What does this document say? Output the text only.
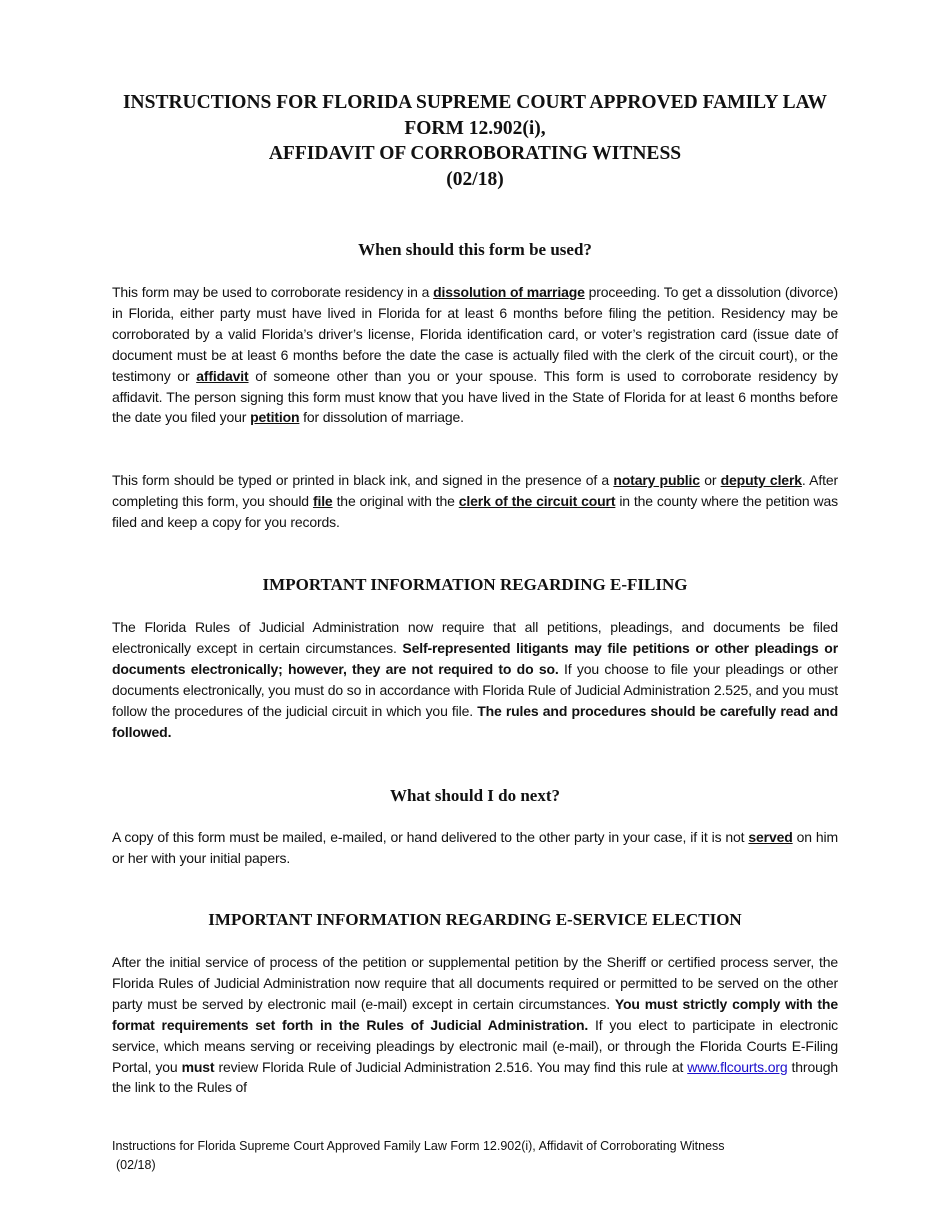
INSTRUCTIONS FOR FLORIDA SUPREME COURT APPROVED FAMILY LAW
FORM 12.902(i),
AFFIDAVIT OF CORROBORATING WITNESS
(02/18)
When should this form be used?
This form may be used to corroborate residency in a dissolution of marriage proceeding. To get a dissolution (divorce) in Florida, either party must have lived in Florida for at least 6 months before filing the petition. Residency may be corroborated by a valid Florida’s driver’s license, Florida identification card, or voter’s registration card (issue date of document must be at least 6 months before the date the case is actually filed with the clerk of the circuit court), or the testimony or affidavit of someone other than you or your spouse. This form is used to corroborate residency by affidavit. The person signing this form must know that you have lived in the State of Florida for at least 6 months before the date you filed your petition for dissolution of marriage.
This form should be typed or printed in black ink, and signed in the presence of a notary public or deputy clerk. After completing this form, you should file the original with the clerk of the circuit court in the county where the petition was filed and keep a copy for you records.
IMPORTANT INFORMATION REGARDING E-FILING
The Florida Rules of Judicial Administration now require that all petitions, pleadings, and documents be filed electronically except in certain circumstances. Self-represented litigants may file petitions or other pleadings or documents electronically; however, they are not required to do so. If you choose to file your pleadings or other documents electronically, you must do so in accordance with Florida Rule of Judicial Administration 2.525, and you must follow the procedures of the judicial circuit in which you file. The rules and procedures should be carefully read and followed.
What should I do next?
A copy of this form must be mailed, e-mailed, or hand delivered to the other party in your case, if it is not served on him or her with your initial papers.
IMPORTANT INFORMATION REGARDING E-SERVICE ELECTION
After the initial service of process of the petition or supplemental petition by the Sheriff or certified process server, the Florida Rules of Judicial Administration now require that all documents required or permitted to be served on the other party must be served by electronic mail (e-mail) except in certain circumstances. You must strictly comply with the format requirements set forth in the Rules of Judicial Administration. If you elect to participate in electronic service, which means serving or receiving pleadings by electronic mail (e-mail), or through the Florida Courts E-Filing Portal, you must review Florida Rule of Judicial Administration 2.516. You may find this rule at www.flcourts.org through the link to the Rules of
Instructions for Florida Supreme Court Approved Family Law Form 12.902(i), Affidavit of Corroborating Witness
(02/18)
